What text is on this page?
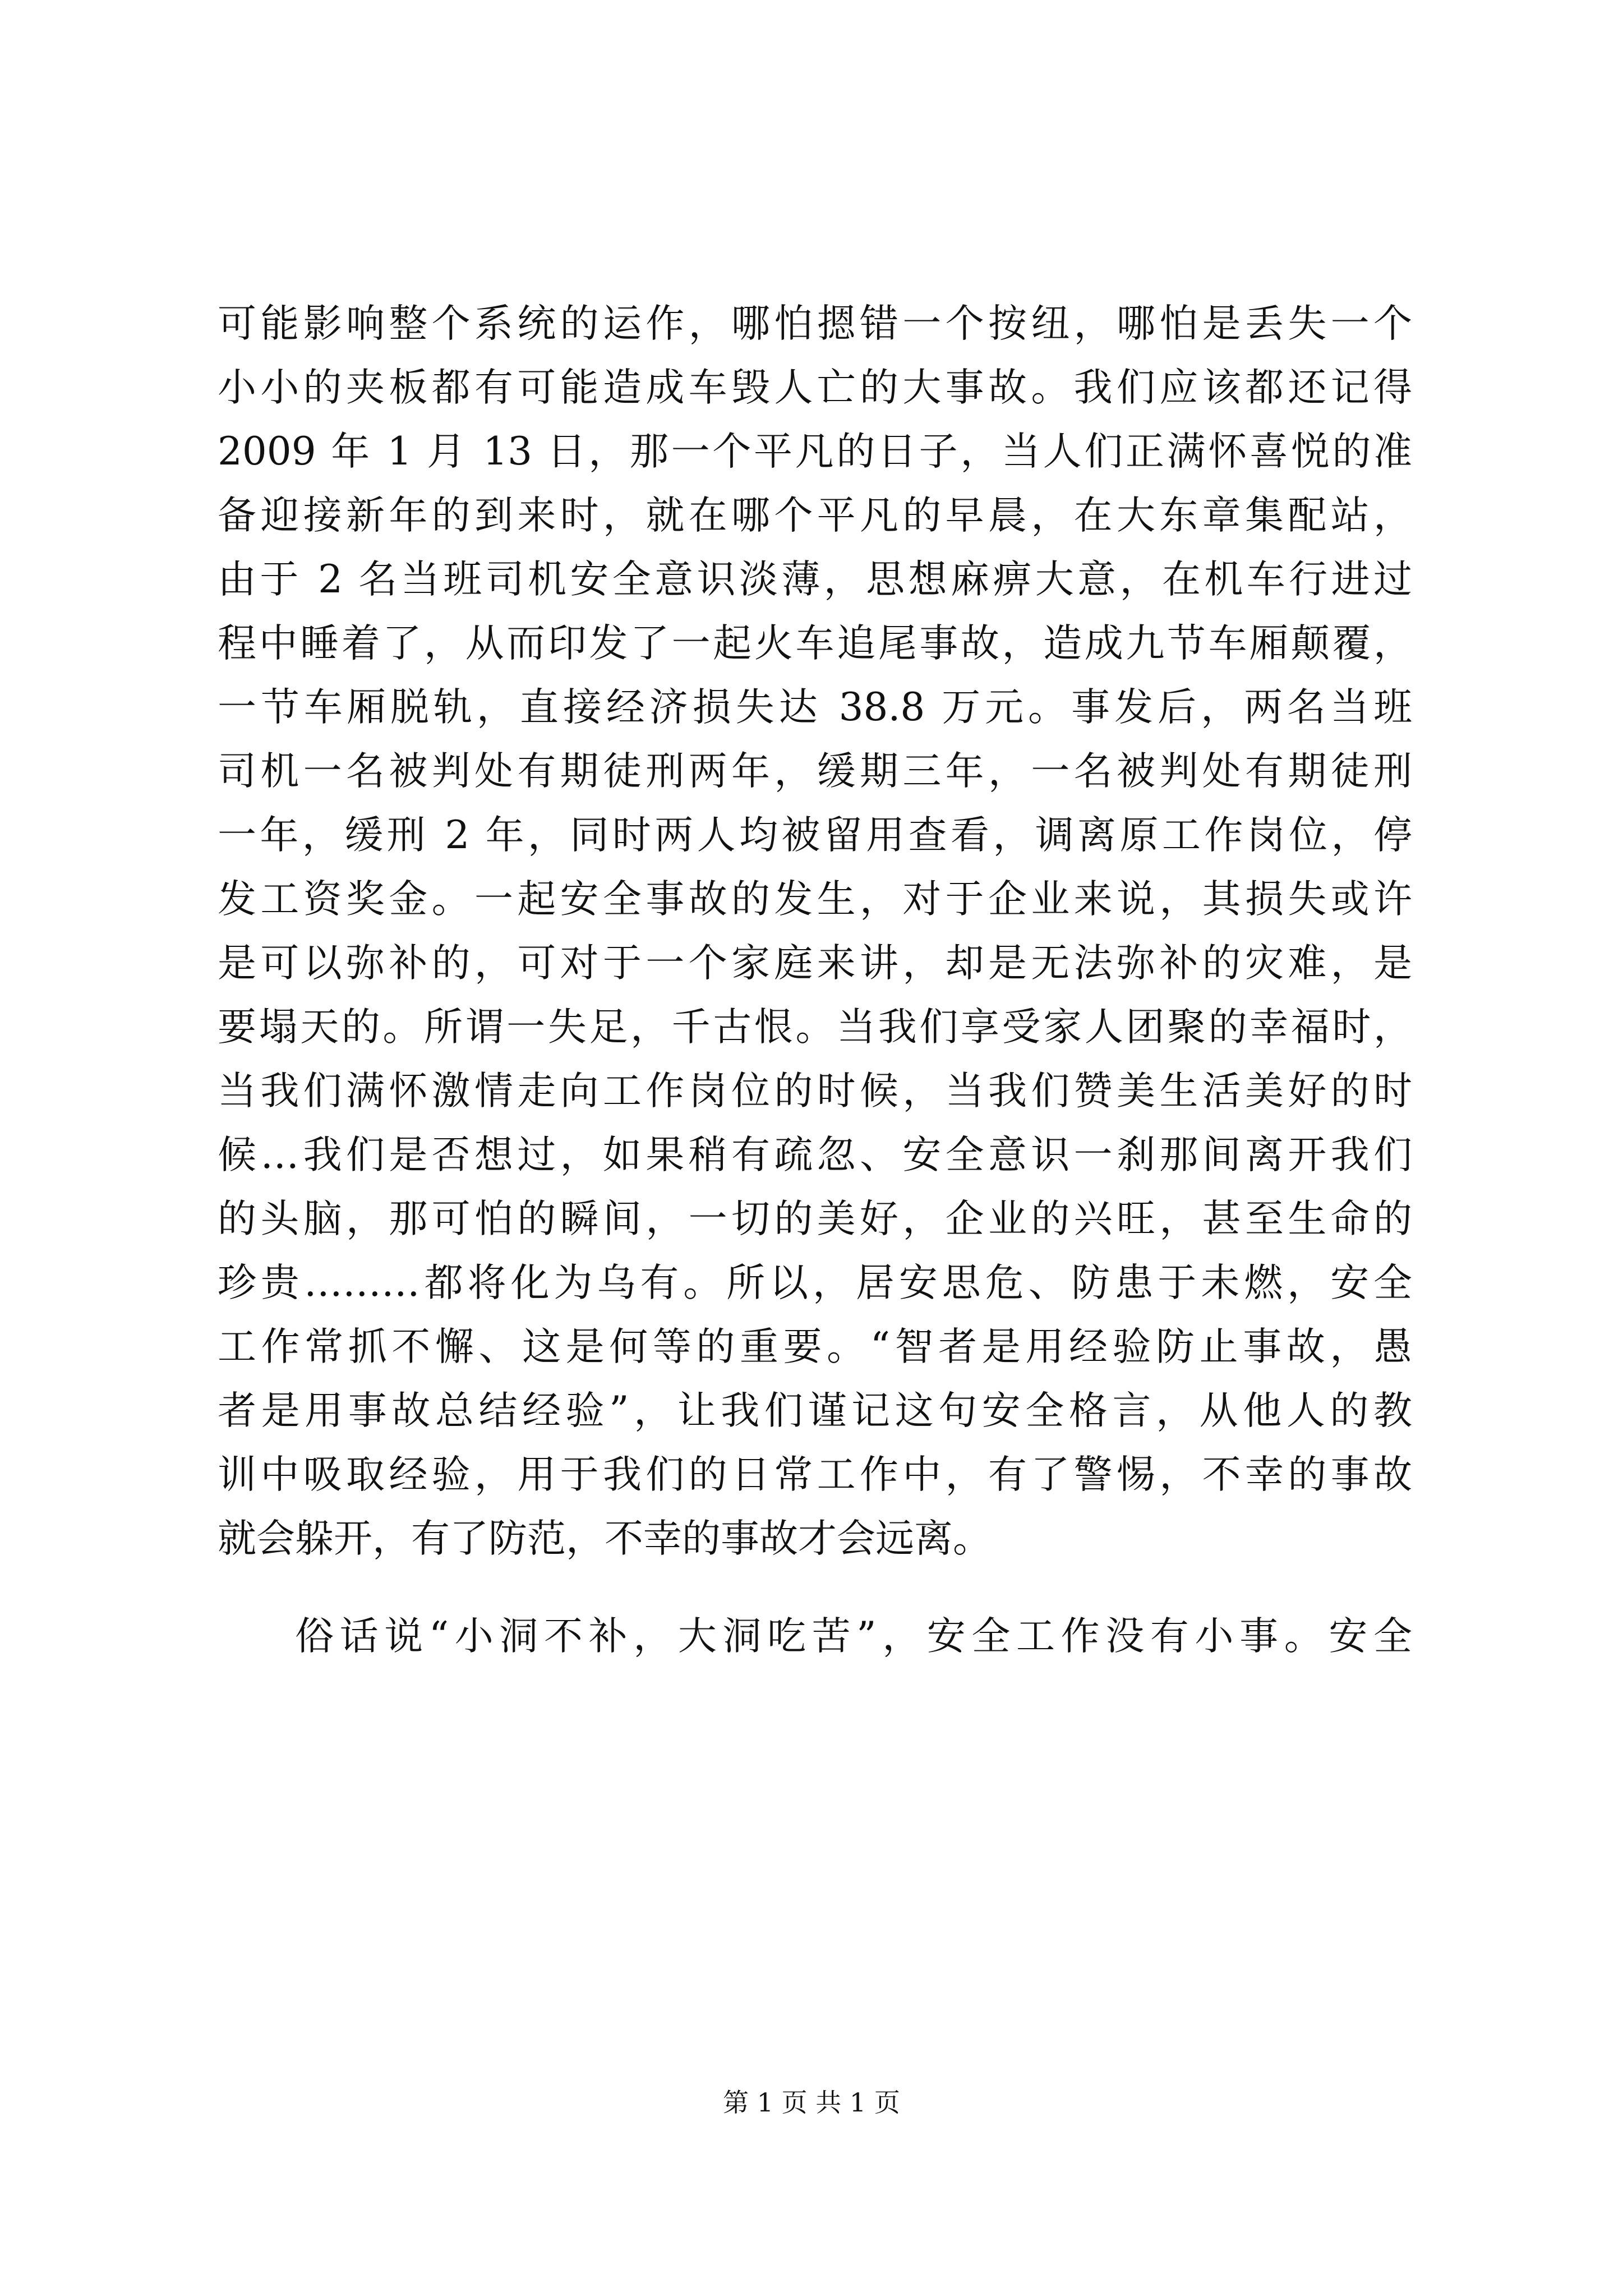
可能影响整个系统的运作，哪怕摁错一个按纽，哪怕是丢失一个
小小的夹板都有可能造成车毁人亡的大事故。我们应该都还记得
2009 年 1 月 13 日，那一个平凡的日子，当人们正满怀喜悦的准
备迎接新年的到来时，就在哪个平凡的早晨，在大东章集配站，
由于 2 名当班司机安全意识淡薄，思想麻痹大意，在机车行进过
程中睡着了，从而印发了一起火车追尾事故，造成九节车厢颠覆，
一节车厢脱轨，直接经济损失达 38.8 万元。事发后，两名当班
司机一名被判处有期徒刑两年，缓期三年，一名被判处有期徒刑
一年，缓刑 2 年，同时两人均被留用查看，调离原工作岗位，停
发工资奖金。一起安全事故的发生，对于企业来说，其损失或许
是可以弥补的，可对于一个家庭来讲，却是无法弥补的灾难，是
要塌天的。所谓一失足，千古恨。当我们享受家人团聚的幸福时，
当我们满怀激情走向工作岗位的时候，当我们赞美生活美好的时
候…我们是否想过，如果稍有疏忽、安全意识一刹那间离开我们
的头脑，那可怕的瞬间，一切的美好，企业的兴旺，甚至生命的
珍贵………都将化为乌有。所以，居安思危、防患于未燃，安全
工作常抓不懈、这是何等的重要。“智者是用经验防止事故，愚
者是用事故总结经验”，让我们谨记这句安全格言，从他人的教
训中吸取经验，用于我们的日常工作中，有了警惕，不幸的事故
就会躲开，有了防范，不幸的事故才会远离。
俗话说“小洞不补，大洞吃苦”，安全工作没有小事。安全
第 1 页 共 1 页
